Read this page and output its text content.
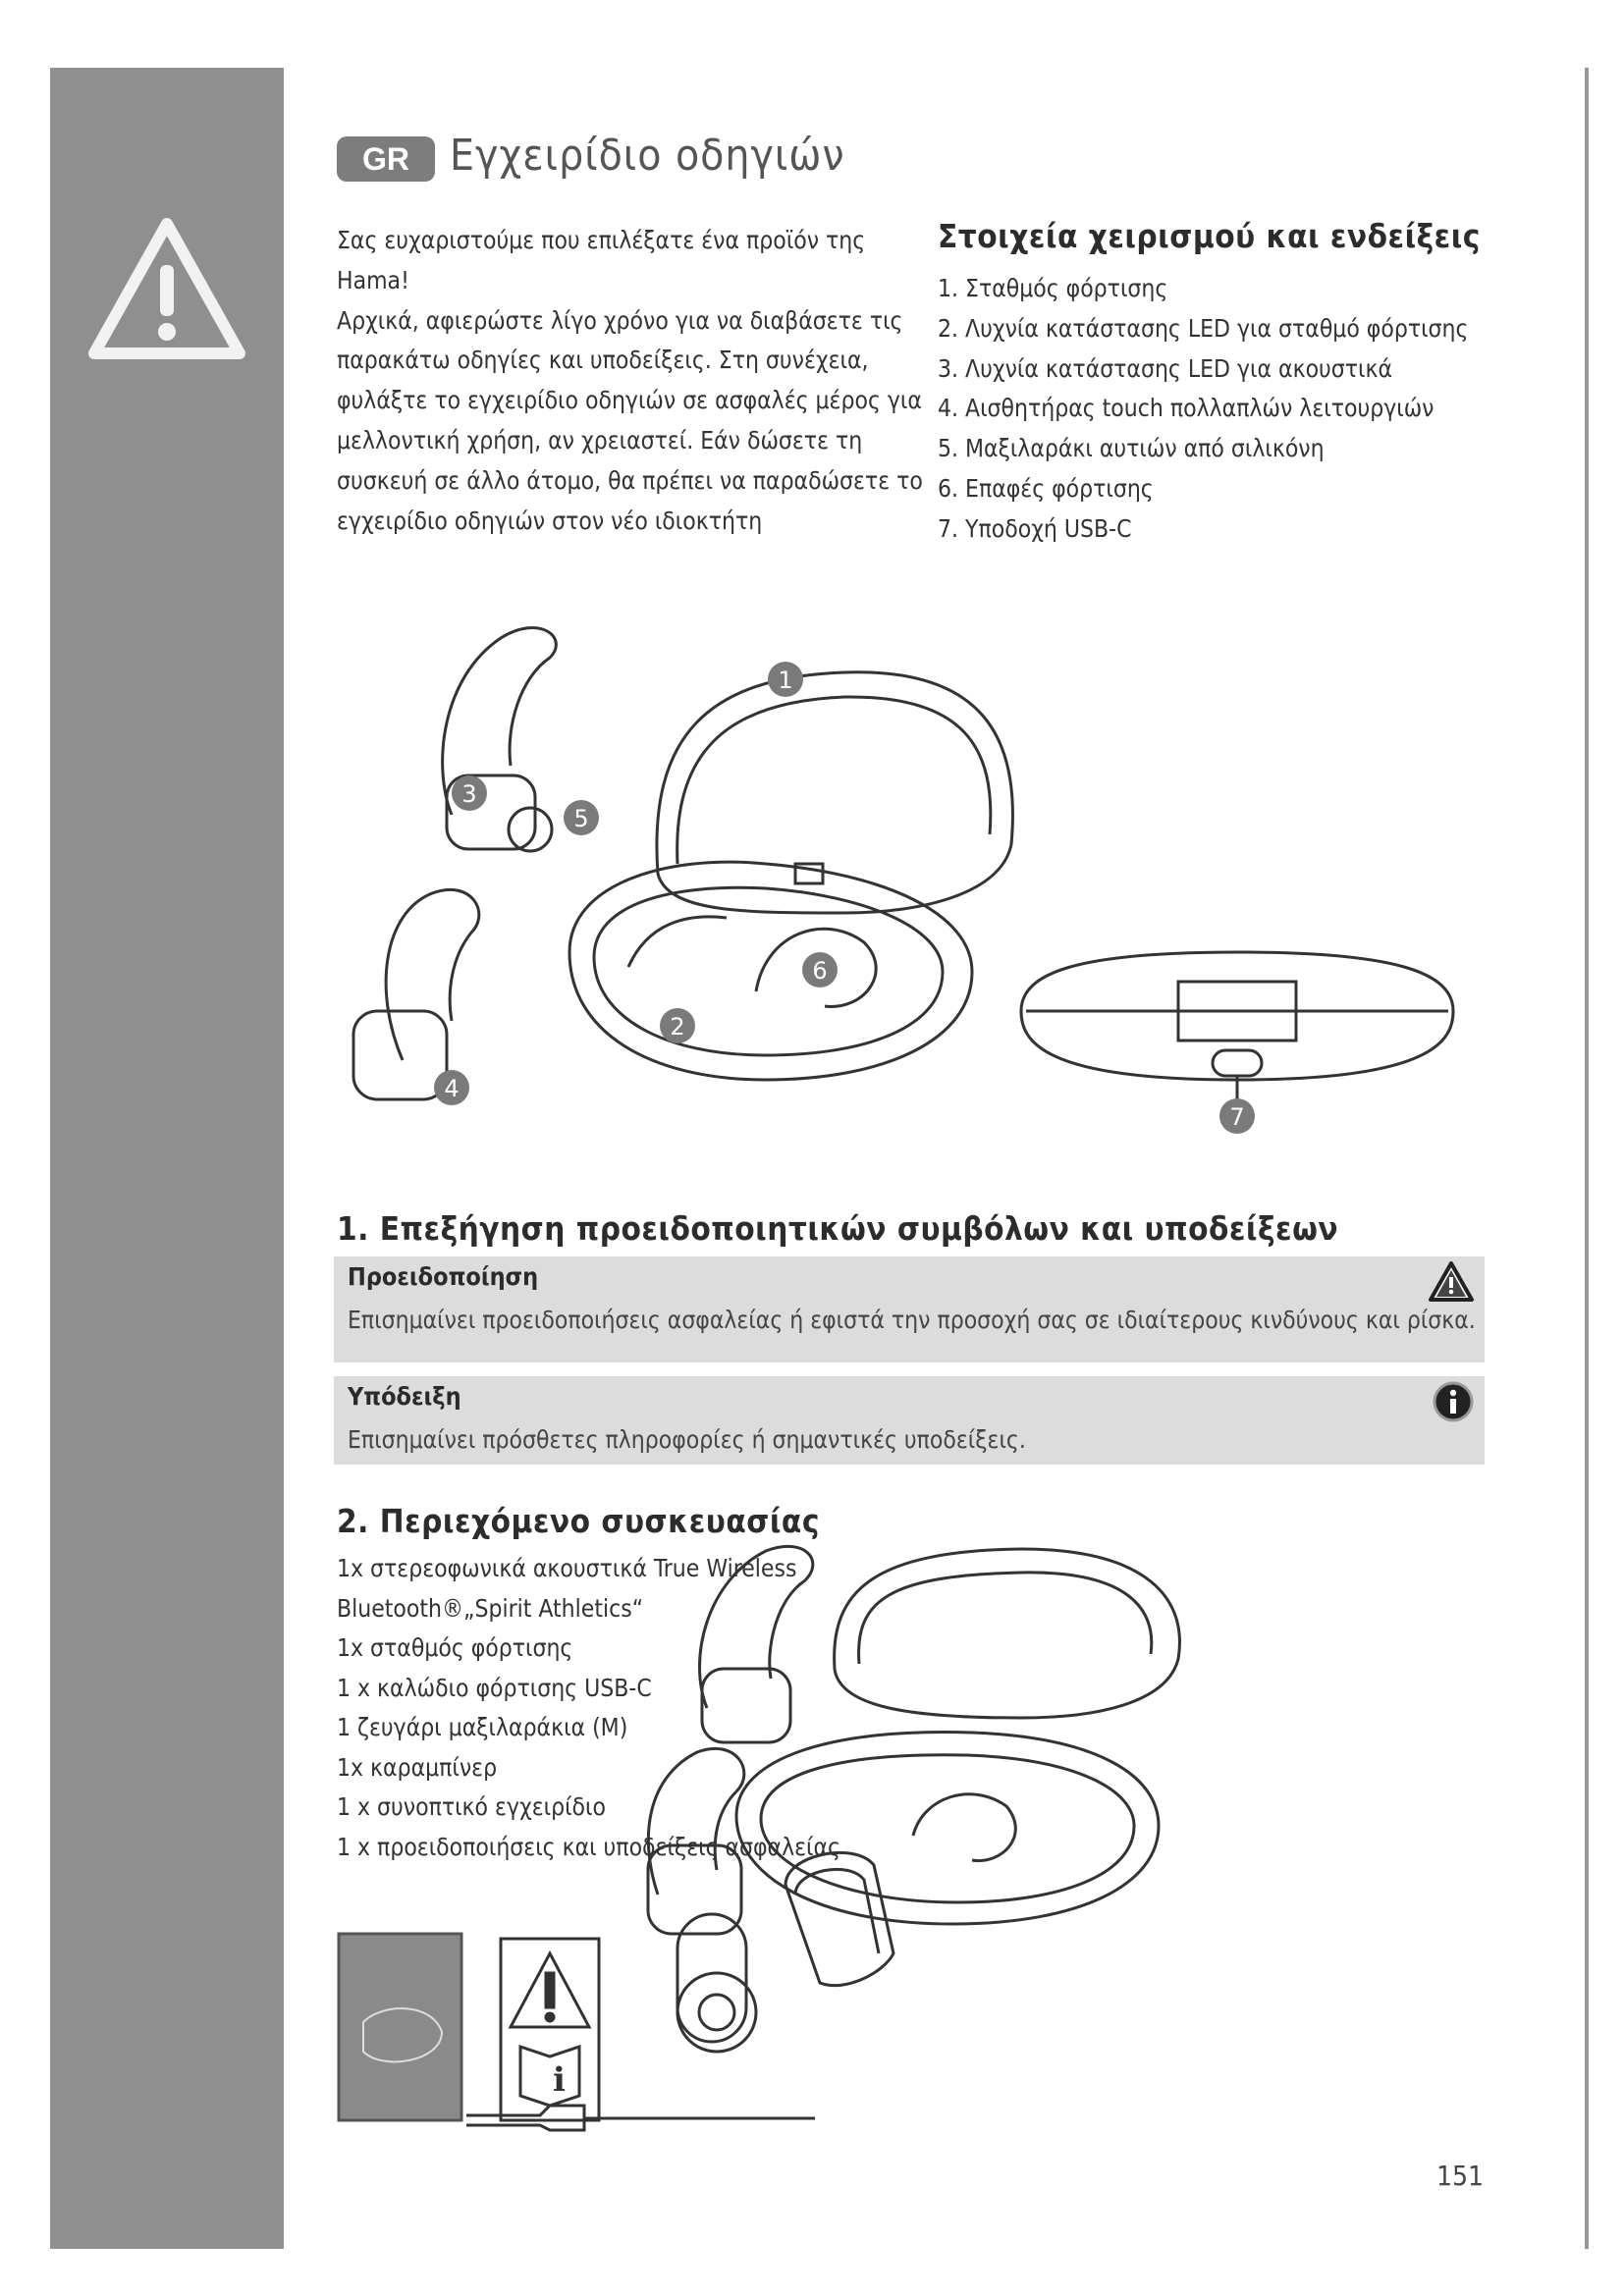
GR Εγχειρίδιο οδηγιών

Σας ευχαριστούμε που επιλέξατε ένα προϊόν της Hama!

Αρχικά, αφιερώστε λίγο χρόνο για να διαβάσετε τις παρακάτω οδηγίες και υποδείξεις. Στη συνέχεια, φυλάξτε το εγχειρίδιο οδηγιών σε ασφαλές μέρος για μελλοντική χρήση, αν χρειαστεί. Εάν δώσετε τη συσκευή σε άλλο άτομο, θα πρέπει να παραδώσετε το εγχειρίδιο οδηγιών στον νέο ιδιοκτήτη

Στοιχεία χειρισμού και ενδείξεις
1. Σταθμός φόρτισης
2. Λυχνία κατάστασης LED για σταθμό φόρτισης
3. Λυχνία κατάστασης LED για ακουστικά
4. Αισθητήρας touch πολλαπλών λειτουργιών
5. Μαξιλαράκι αυτιών από σιλικόνη
6. Επαφές φόρτισης
7. Υποδοχή USB-C
1
4
2
3
5
6
7
1. Επεξήγηση προειδοποιητικών συμβόλων και υποδείξεων
Προειδοποίηση
Επισημαίνει προειδοποιήσεις ασφαλείας ή εφιστά την προσοχή σας σε ιδιαίτερους κινδύνους και ρίσκα.
Υπόδειξη
Επισημαίνει πρόσθετες πληροφορίες ή σημαντικές υποδείξεις.
2. Περιεχόμενο συσκευασίας
1x στερεοφωνικά ακουστικά True Wireless Bluetooth®„Spirit Athletics“
1x σταθμός φόρτισης
1 x καλώδιο φόρτισης USB-C
1 ζευγάρι μαξιλαράκια (M)
1x καραμπίνερ
1 x συνοπτικό εγχειρίδιο
1 x προειδοποιήσεις και υποδείξεις ασφαλείας
i
151
